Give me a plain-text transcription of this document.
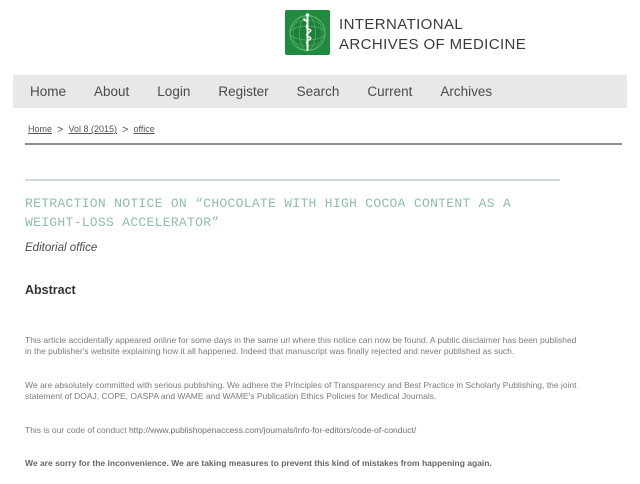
INTERNATIONAL
ARCHIVES OF MEDICINE
Home About Login Register Search Current Archives
Home > Vol 8 (2015) > office
RETRACTION NOTICE ON “CHOCOLATE WITH HIGH COCOA CONTENT AS A WEIGHT-LOSS ACCELERATOR”
Editorial office
Abstract

This article accidentally appeared online for some days in the same url where this notice can now be found. A public disclaimer has been published in the publisher's website explaining how it all happened. Indeed that manuscript was finally rejected and never published as such.

We are absolutely committed with serious publishing. We adhere the Principles of Transparency and Best Practice in Scholarly Publishing, the joint statement of DOAJ, COPE, OASPA and WAME and WAME's Publication Ethics Policies for Medical Journals.

This is our code of conduct http://www.publishopenaccess.com/journals/info-for-editors/code-of-conduct/

We are sorry for the inconvenience. We are taking measures to prevent this kind of mistakes from happening again.
